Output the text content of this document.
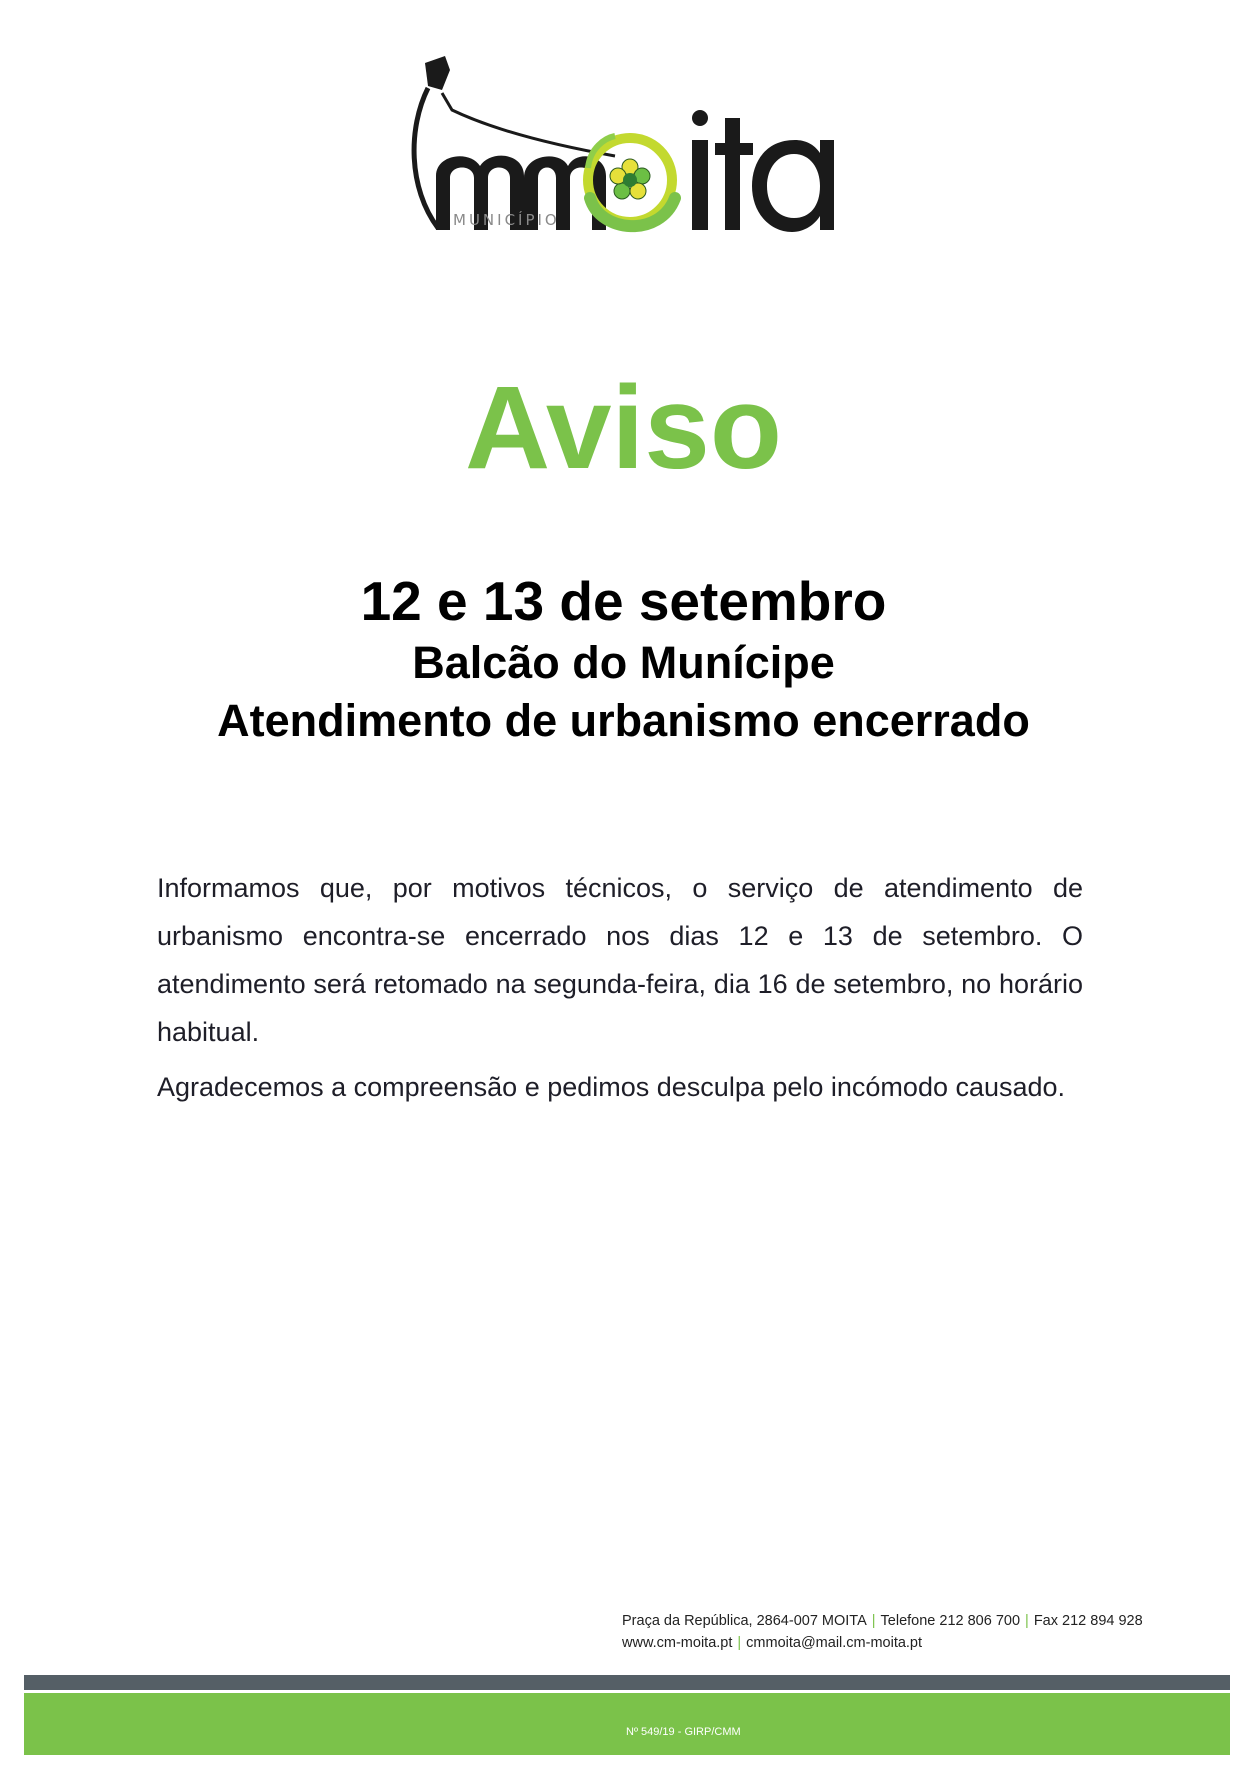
MUNICÍPIO
Aviso
12 e 13 de setembro
Balcão do Munícipe
Atendimento de urbanismo encerrado

Informamos que, por motivos técnicos, o serviço de atendimento de urbanismo encontra-se encerrado nos dias 12 e 13 de setembro. O atendimento será retomado na segunda-feira, dia 16 de setembro, no horário habitual.

Agradecemos a compreensão e pedimos desculpa pelo incómodo causado.

Praça da República, 2864-007 MOITA | Telefone 212 806 700 | Fax 212 894 928
www.cm-moita.pt | cmmoita@mail.cm-moita.pt
Nº 549/19 - GIRP/CMM
